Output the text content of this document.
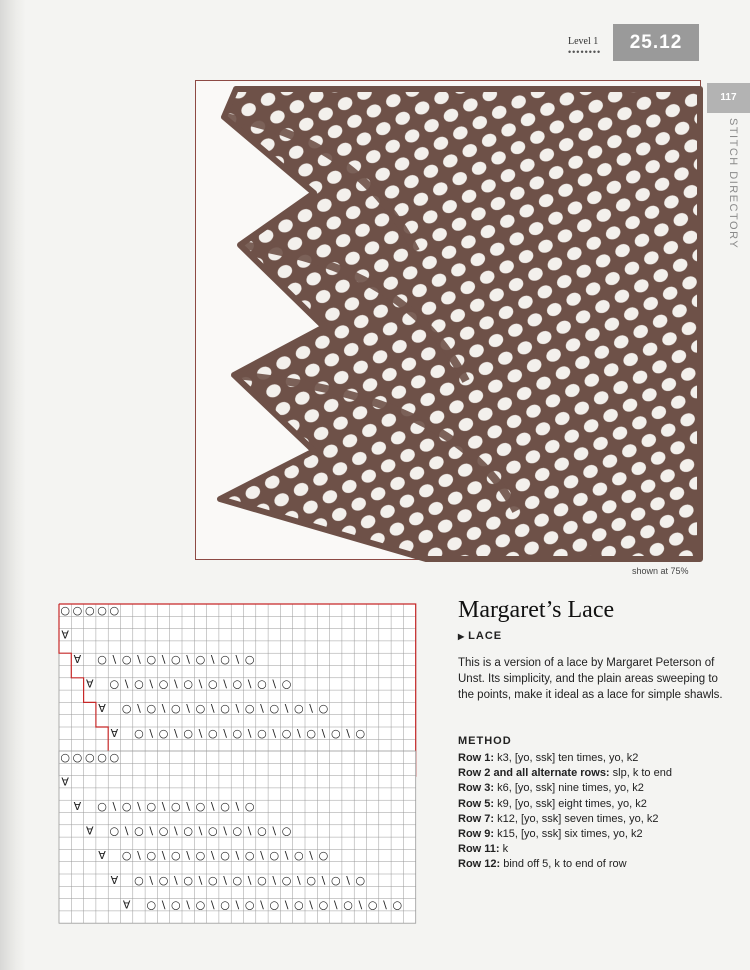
Level 1
••••••••	25.12
117
STITCH DIRECTORY
shown at 75%
○ ○ ○ ○ ○
∀
∀ ○ \ ○ \ ○ \ ○ \ ○ \ ○ \ ○
∀ ○ \ ○ \ ○ \ ○ \ ○ \ ○ \ ○ \ ○
∀ ○ \ ○ \ ○ \ ○ \ ○ \ ○ \ ○ \ ○ \ ○
∀ ○ \ ○ \ ○ \ ○ \ ○ \ ○ \ ○ \ ○ \ ○ \ ○
○ ○ ○ ○ ○
∀
∀ ○ \ ○ \ ○ \ ○ \ ○ \ ○ \ ○
∀ ○ \ ○ \ ○ \ ○ \ ○ \ ○ \ ○ \ ○
∀ ○ \ ○ \ ○ \ ○ \ ○ \ ○ \ ○ \ ○ \ ○
∀ ○ \ ○ \ ○ \ ○ \ ○ \ ○ \ ○ \ ○ \ ○ \ ○
∀ ○ \ ○ \ ○ \ ○ \ ○ \ ○ \ ○ \ ○ \ ○ \ ○ \ ○
Margaret’s Lace
▶ LACE
This is a version of a lace by Margaret Peterson of Unst. Its simplicity, and the plain areas sweeping to the points, make it ideal as a lace for simple shawls.
METHOD
Row 1: k3, [yo, ssk] ten times, yo, k2
Row 2 and all alternate rows: slp, k to end
Row 3: k6, [yo, ssk] nine times, yo, k2
Row 5: k9, [yo, ssk] eight times, yo, k2
Row 7: k12, [yo, ssk] seven times, yo, k2
Row 9: k15, [yo, ssk] six times, yo, k2
Row 11: k
Row 12: bind off 5, k to end of row
